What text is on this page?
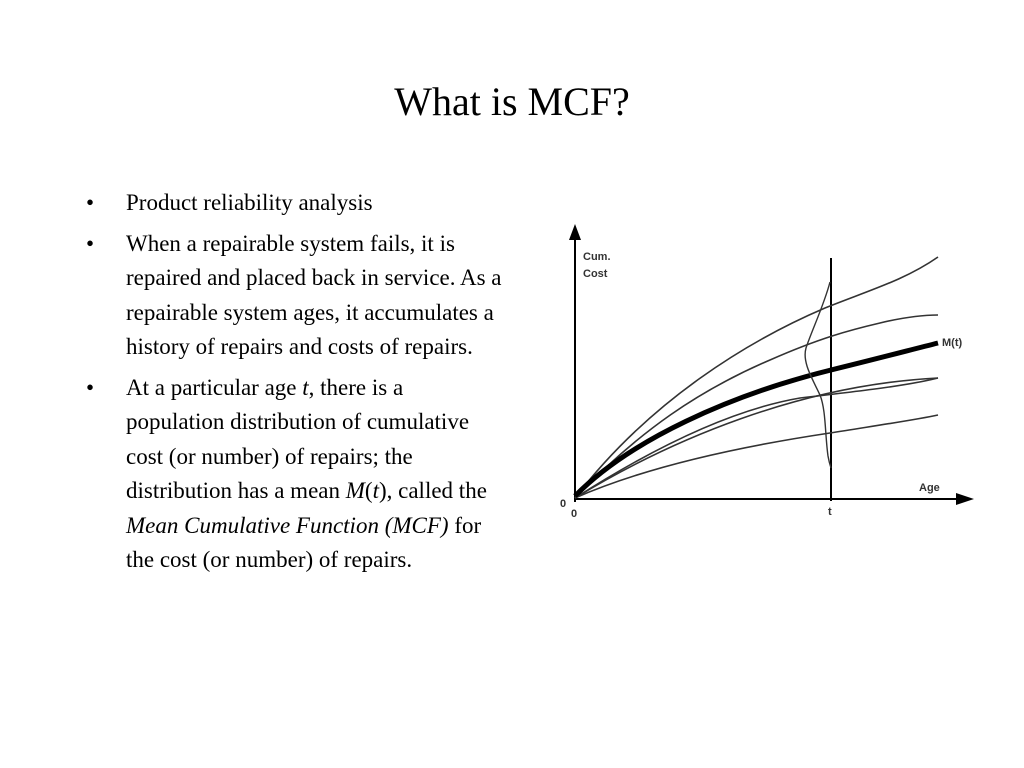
What is MCF?
• Product reliability analysis
• When a repairable system fails, it is repaired and placed back in service. As a repairable system ages, it accumulates a history of repairs and costs of repairs.
• At a particular age t, there is a population distribution of cumulative cost (or number) of repairs; the distribution has a mean M(t), called the Mean Cumulative Function (MCF) for the cost (or number) of repairs.
Cum.
Cost
Age
0
0	t
M(t)
